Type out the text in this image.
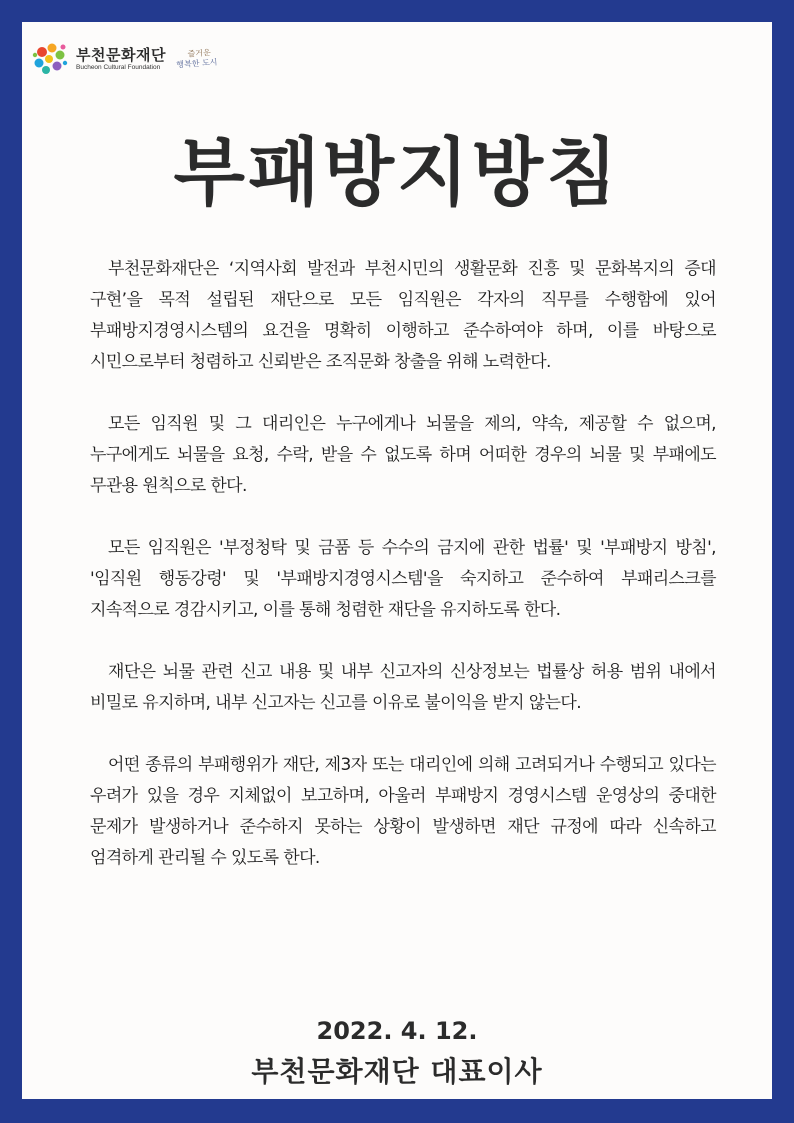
부천문화재단
Bucheon Cultural Foundation
즐거운
행복한 도시
부패방지방침

부천문화재단은 ‘지역사회 발전과 부천시민의 생활문화 진흥 및 문화복지의 증대 구현’을 목적 설립된 재단으로 모든 임직원은 각자의 직무를 수행함에 있어 부패방지경영시스템의 요건을 명확히 이행하고 준수하여야 하며, 이를 바탕으로 시민으로부터 청렴하고 신뢰받은 조직문화 창출을 위해 노력한다.

모든 임직원 및 그 대리인은 누구에게나 뇌물을 제의, 약속, 제공할 수 없으며, 누구에게도 뇌물을 요청, 수락, 받을 수 없도록 하며 어떠한 경우의 뇌물 및 부패에도 무관용 원칙으로 한다.

모든 임직원은 '부정청탁 및 금품 등 수수의 금지에 관한 법률' 및 '부패방지 방침', '임직원 행동강령' 및 '부패방지경영시스템'을 숙지하고 준수하여 부패리스크를 지속적으로 경감시키고, 이를 통해 청렴한 재단을 유지하도록 한다.

재단은 뇌물 관련 신고 내용 및 내부 신고자의 신상정보는 법률상 허용 범위 내에서 비밀로 유지하며, 내부 신고자는 신고를 이유로 불이익을 받지 않는다.

어떤 종류의 부패행위가 재단, 제3자 또는 대리인에 의해 고려되거나 수행되고 있다는 우려가 있을 경우 지체없이 보고하며, 아울러 부패방지 경영시스템 운영상의 중대한 문제가 발생하거나 준수하지 못하는 상황이 발생하면 재단 규정에 따라 신속하고 엄격하게 관리될 수 있도록 한다.

2022. 4. 12.
부천문화재단 대표이사
